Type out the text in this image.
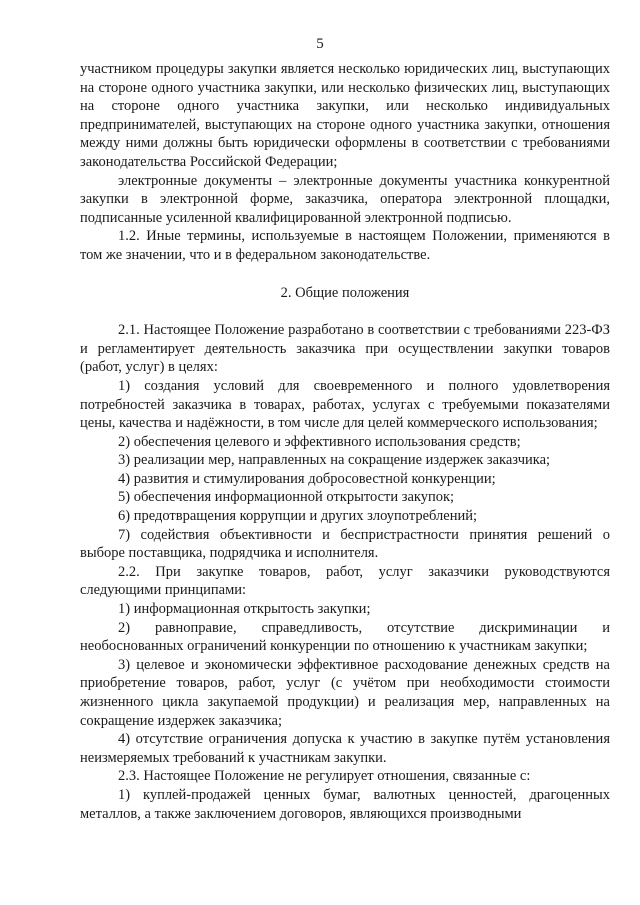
5

участником процедуры закупки является несколько юридических лиц, выступающих на стороне одного участника закупки, или несколько физических лиц, выступающих на стороне одного участника закупки, или несколько индивидуальных предпринимателей, выступающих на стороне одного участника закупки, отношения между ними должны быть юридически оформлены в соответствии с требованиями законодательства Российской Федерации;

электронные документы – электронные документы участника конкурентной закупки в электронной форме, заказчика, оператора электронной площадки, подписанные усиленной квалифицированной электронной подписью.

1.2. Иные термины, используемые в настоящем Положении, применяются в том же значении, что и в федеральном законодательстве.

2. Общие положения

2.1. Настоящее Положение разработано в соответствии с требованиями 223-ФЗ и регламентирует деятельность заказчика при осуществлении закупки товаров (работ, услуг) в целях:

1) создания условий для своевременного и полного удовлетворения потребностей заказчика в товарах, работах, услугах с требуемыми показателями цены, качества и надёжности, в том числе для целей коммерческого использования;

2) обеспечения целевого и эффективного использования средств;

3) реализации мер, направленных на сокращение издержек заказчика;

4) развития и стимулирования добросовестной конкуренции;

5) обеспечения информационной открытости закупок;

6) предотвращения коррупции и других злоупотреблений;

7) содействия объективности и беспристрастности принятия решений о выборе поставщика, подрядчика и исполнителя.

2.2. При закупке товаров, работ, услуг заказчики руководствуются следующими принципами:

1) информационная открытость закупки;

2) равноправие, справедливость, отсутствие дискриминации и необоснованных ограничений конкуренции по отношению к участникам закупки;

3) целевое и экономически эффективное расходование денежных средств на приобретение товаров, работ, услуг (с учётом при необходимости стоимости жизненного цикла закупаемой продукции) и реализация мер, направленных на сокращение издержек заказчика;

4) отсутствие ограничения допуска к участию в закупке путём установления неизмеряемых требований к участникам закупки.

2.3. Настоящее Положение не регулирует отношения, связанные с:

1) куплей-продажей ценных бумаг, валютных ценностей, драгоценных металлов, а также заключением договоров, являющихся производными
